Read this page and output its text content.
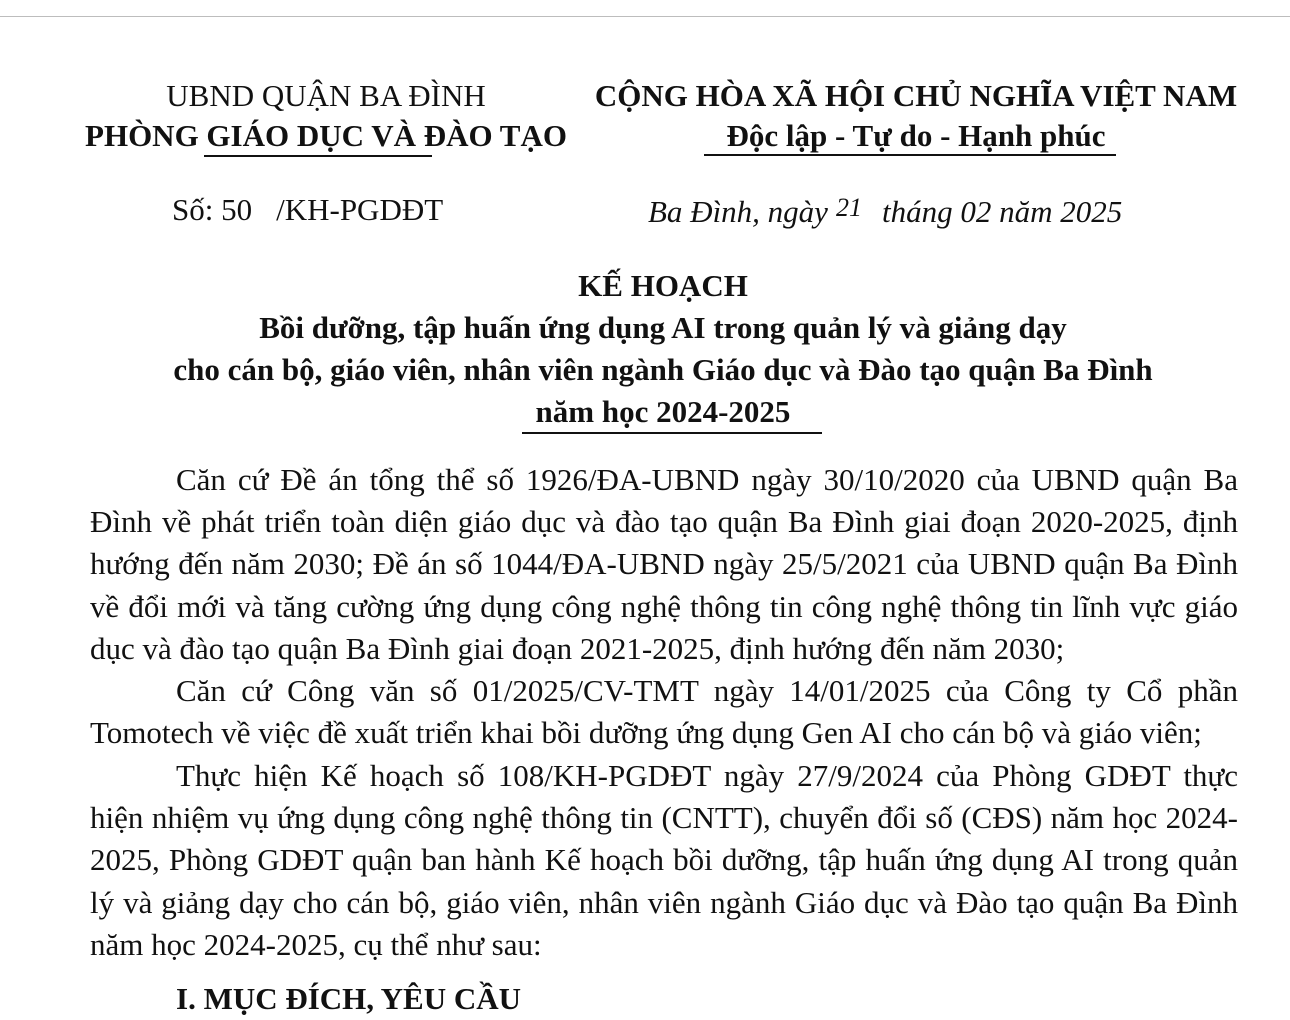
UBND QUẬN BA ĐÌNH
PHÒNG GIÁO DỤC VÀ ĐÀO TẠO
CỘNG HÒA XÃ HỘI CHỦ NGHĨA VIỆT NAM
Độc lập - Tự do - Hạnh phúc
Số: 50 /KH-PGDĐT	Ba Đình, ngày 21 tháng 02 năm 2025
KẾ HOẠCH
Bồi dưỡng, tập huấn ứng dụng AI trong quản lý và giảng dạy
cho cán bộ, giáo viên, nhân viên ngành Giáo dục và Đào tạo quận Ba Đình
năm học 2024-2025
Căn cứ Đề án tổng thể số 1926/ĐA-UBND ngày 30/10/2020 của UBND quận Ba Đình về phát triển toàn diện giáo dục và đào tạo quận Ba Đình giai đoạn 2020-2025, định hướng đến năm 2030; Đề án số 1044/ĐA-UBND ngày 25/5/2021 của UBND quận Ba Đình về đổi mới và tăng cường ứng dụng công nghệ thông tin công nghệ thông tin lĩnh vực giáo dục và đào tạo quận Ba Đình giai đoạn 2021-2025, định hướng đến năm 2030;
Căn cứ Công văn số 01/2025/CV-TMT ngày 14/01/2025 của Công ty Cổ phần Tomotech về việc đề xuất triển khai bồi dưỡng ứng dụng Gen AI cho cán bộ và giáo viên;
Thực hiện Kế hoạch số 108/KH-PGDĐT ngày 27/9/2024 của Phòng GDĐT thực hiện nhiệm vụ ứng dụng công nghệ thông tin (CNTT), chuyển đổi số (CĐS) năm học 2024-2025, Phòng GDĐT quận ban hành Kế hoạch bồi dưỡng, tập huấn ứng dụng AI trong quản lý và giảng dạy cho cán bộ, giáo viên, nhân viên ngành Giáo dục và Đào tạo quận Ba Đình năm học 2024-2025, cụ thể như sau:
I. MỤC ĐÍCH, YÊU CẦU
